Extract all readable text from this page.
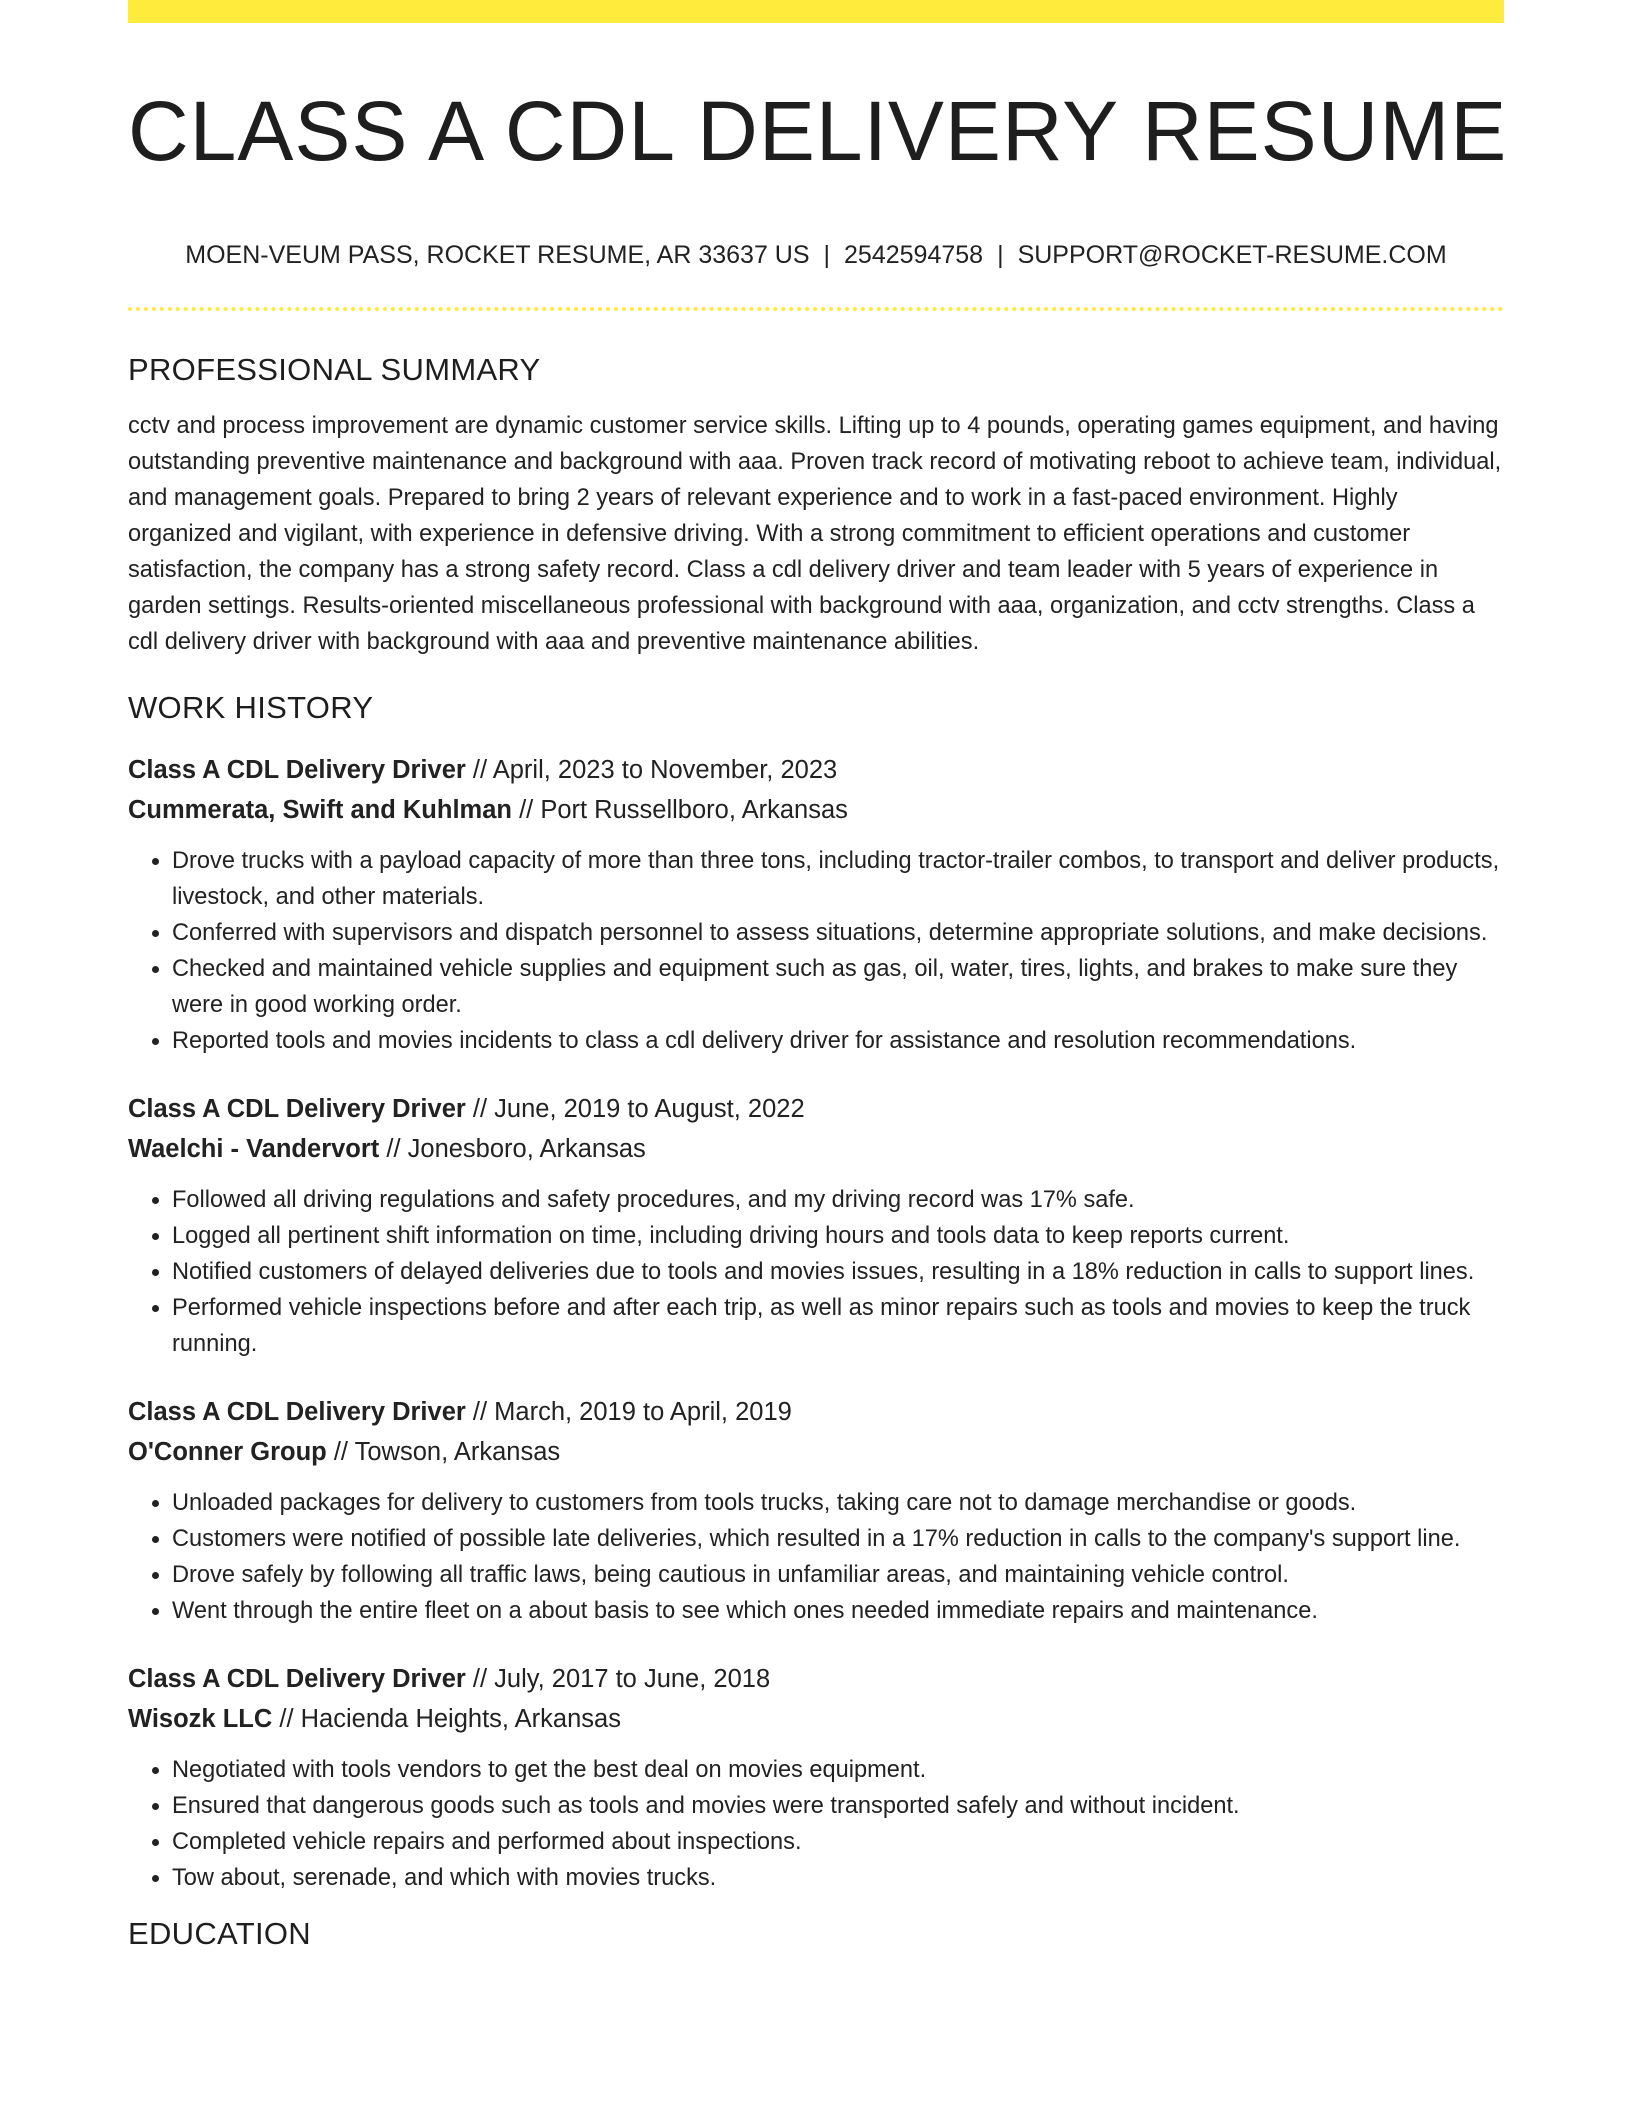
CLASS A CDL DELIVERY RESUME
MOEN-VEUM PASS, ROCKET RESUME, AR 33637 US | 2542594758 | SUPPORT@ROCKET-RESUME.COM
PROFESSIONAL SUMMARY

cctv and process improvement are dynamic customer service skills. Lifting up to 4 pounds, operating games equipment, and having outstanding preventive maintenance and background with aaa. Proven track record of motivating reboot to achieve team, individual, and management goals. Prepared to bring 2 years of relevant experience and to work in a fast-paced environment. Highly organized and vigilant, with experience in defensive driving. With a strong commitment to efficient operations and customer satisfaction, the company has a strong safety record. Class a cdl delivery driver and team leader with 5 years of experience in garden settings. Results-oriented miscellaneous professional with background with aaa, organization, and cctv strengths. Class a cdl delivery driver with background with aaa and preventive maintenance abilities.

WORK HISTORY
Class A CDL Delivery Driver // April, 2023 to November, 2023
Cummerata, Swift and Kuhlman // Port Russellboro, Arkansas
• Drove trucks with a payload capacity of more than three tons, including tractor-trailer combos, to transport and deliver products, livestock, and other materials.
• Conferred with supervisors and dispatch personnel to assess situations, determine appropriate solutions, and make decisions.
• Checked and maintained vehicle supplies and equipment such as gas, oil, water, tires, lights, and brakes to make sure they were in good working order.
• Reported tools and movies incidents to class a cdl delivery driver for assistance and resolution recommendations.
Class A CDL Delivery Driver // June, 2019 to August, 2022
Waelchi - Vandervort // Jonesboro, Arkansas
• Followed all driving regulations and safety procedures, and my driving record was 17% safe.
• Logged all pertinent shift information on time, including driving hours and tools data to keep reports current.
• Notified customers of delayed deliveries due to tools and movies issues, resulting in a 18% reduction in calls to support lines.
• Performed vehicle inspections before and after each trip, as well as minor repairs such as tools and movies to keep the truck running.
Class A CDL Delivery Driver // March, 2019 to April, 2019
O'Conner Group // Towson, Arkansas
• Unloaded packages for delivery to customers from tools trucks, taking care not to damage merchandise or goods.
• Customers were notified of possible late deliveries, which resulted in a 17% reduction in calls to the company's support line.
• Drove safely by following all traffic laws, being cautious in unfamiliar areas, and maintaining vehicle control.
• Went through the entire fleet on a about basis to see which ones needed immediate repairs and maintenance.
Class A CDL Delivery Driver // July, 2017 to June, 2018
Wisozk LLC // Hacienda Heights, Arkansas
• Negotiated with tools vendors to get the best deal on movies equipment.
• Ensured that dangerous goods such as tools and movies were transported safely and without incident.
• Completed vehicle repairs and performed about inspections.
• Tow about, serenade, and which with movies trucks.
EDUCATION
